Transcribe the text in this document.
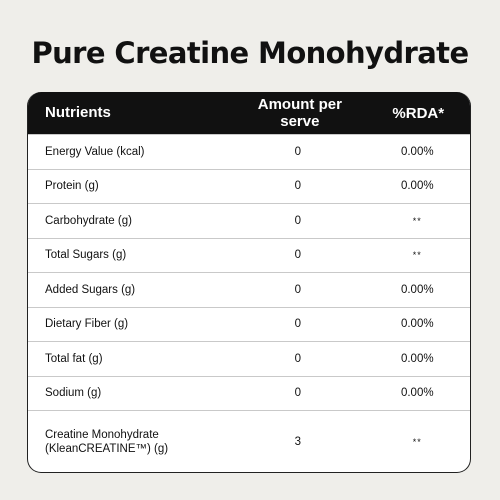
Pure Creatine Monohydrate
Nutrients	Amount per serve	%RDA*
Energy Value (kcal)	0	0.00%
Protein (g)	0	0.00%
Carbohydrate (g)	0	**
Total Sugars (g)	0	**
Added Sugars (g)	0	0.00%
Dietary Fiber (g)	0	0.00%
Total fat (g)	0	0.00%
Sodium (g)	0	0.00%
Creatine Monohydrate
(KleanCREATINE™) (g)
3	**
